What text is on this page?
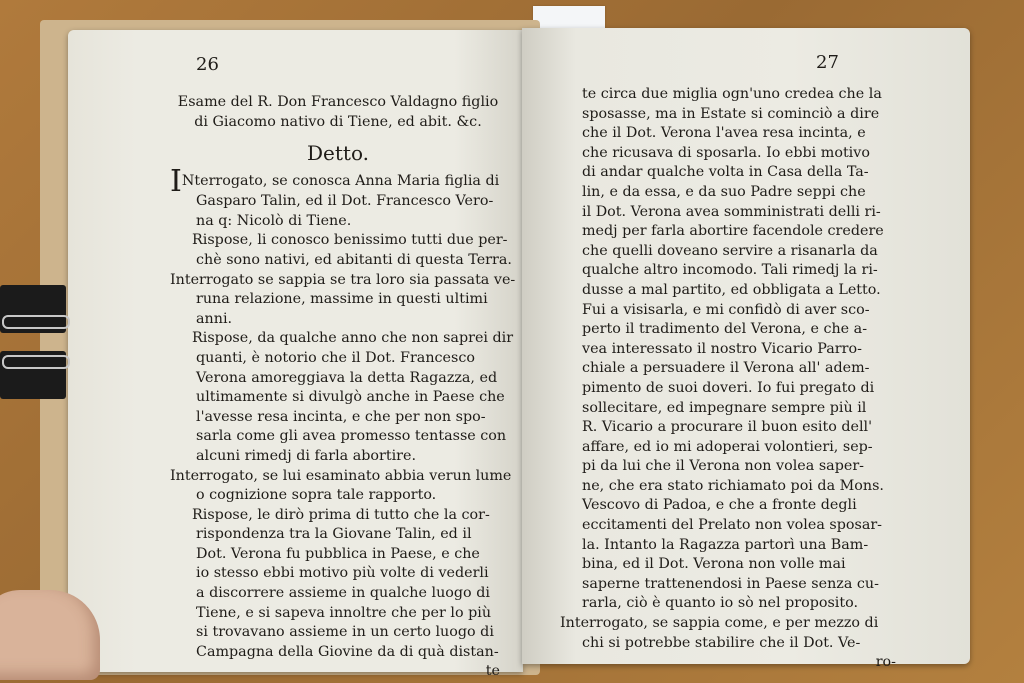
26
Esame del R. Don Francesco Valdagno figlio
di Giacomo nativo di Tiene, ed abit. &c.
Detto.
INterrogato, se conosca Anna Maria figlia di
Gasparo Talin, ed il Dot. Francesco Vero-
na q: Nicolò di Tiene.
Rispose, li conosco benissimo tutti due per-
chè sono nativi, ed abitanti di questa Terra.
Interrogato se sappia se tra loro sia passata ve-
runa relazione, massime in questi ultimi
anni.
Rispose, da qualche anno che non saprei dir
quanti, è notorio che il Dot. Francesco
Verona amoreggiava la detta Ragazza, ed
ultimamente si divulgò anche in Paese che
l'avesse resa incinta, e che per non spo-
sarla come gli avea promesso tentasse con
alcuni rimedj di farla abortire.
Interrogato, se lui esaminato abbia verun lume
o cognizione sopra tale rapporto.
Rispose, le dirò prima di tutto che la cor-
rispondenza tra la Giovane Talin, ed il
Dot. Verona fu pubblica in Paese, e che
io stesso ebbi motivo più volte di vederli
a discorrere assieme in qualche luogo di
Tiene, e si sapeva innoltre che per lo più
si trovavano assieme in un certo luogo di
Campagna della Giovine da di quà distan-
te
27
te circa due miglia ogn'uno credea che la
sposasse, ma in Estate si cominciò a dire
che il Dot. Verona l'avea resa incinta, e
che ricusava di sposarla. Io ebbi motivo
di andar qualche volta in Casa della Ta-
lin, e da essa, e da suo Padre seppi che
il Dot. Verona avea somministrati delli ri-
medj per farla abortire facendole credere
che quelli doveano servire a risanarla da
qualche altro incomodo. Tali rimedj la ri-
dusse a mal partito, ed obbligata a Letto.
Fui a visisarla, e mi confidò di aver sco-
perto il tradimento del Verona, e che a-
vea interessato il nostro Vicario Parro-
chiale a persuadere il Verona all' adem-
pimento de suoi doveri. Io fui pregato di
sollecitare, ed impegnare sempre più il
R. Vicario a procurare il buon esito dell'
affare, ed io mi adoperai volontieri, sep-
pi da lui che il Verona non volea saper-
ne, che era stato richiamato poi da Mons.
Vescovo di Padoa, e che a fronte degli
eccitamenti del Prelato non volea sposar-
la. Intanto la Ragazza partorì una Bam-
bina, ed il Dot. Verona non volle mai
saperne trattenendosi in Paese senza cu-
rarla, ciò è quanto io sò nel proposito.
Interrogato, se sappia come, e per mezzo di
chi si potrebbe stabilire che il Dot. Ve-
ro-
